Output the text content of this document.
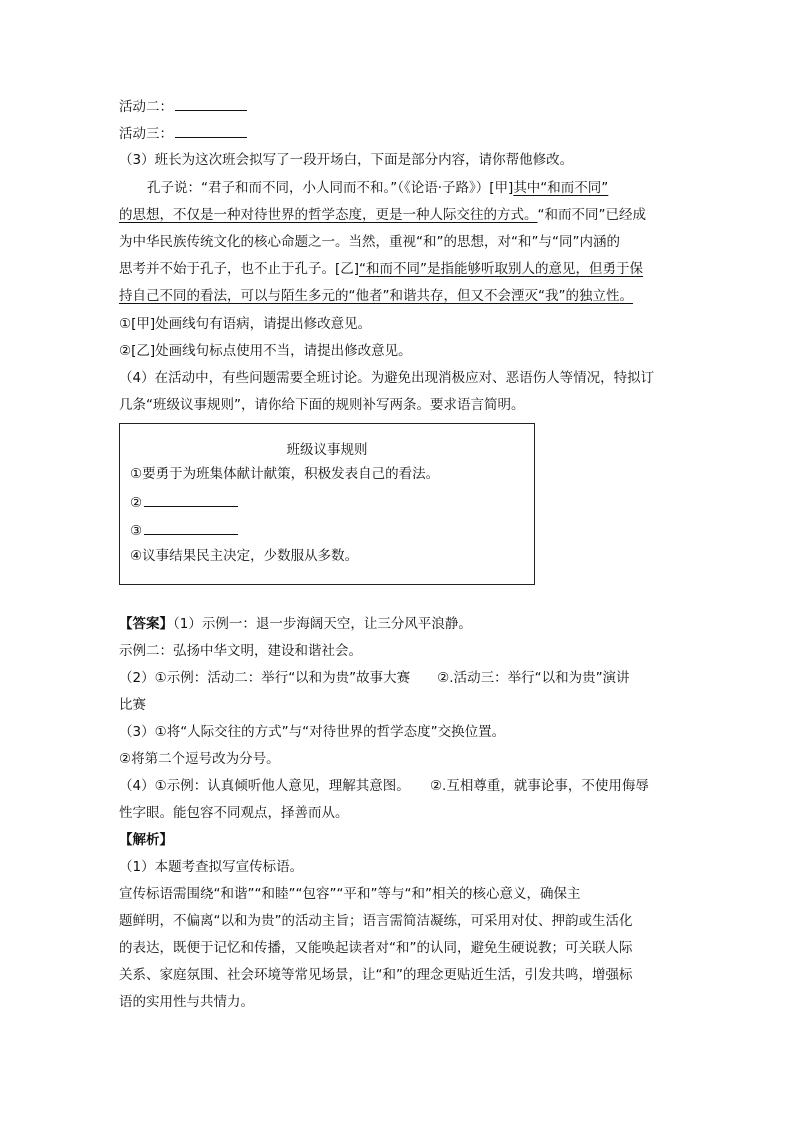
活动二：
活动三：
（3）班长为这次班会拟写了一段开场白，下面是部分内容，请你帮他修改。
孔子说：“君子和而不同，小人同而不和。”（《论语·子路》）[甲]其中“和而不同”
的思想，不仅是一种对待世界的哲学态度，更是一种人际交往的方式。“和而不同”已经成
为中华民族传统文化的核心命题之一。当然，重视“和”的思想，对“和”与“同”内涵的
思考并不始于孔子，也不止于孔子。[乙]“和而不同”是指能够听取别人的意见，但勇于保
持自己不同的看法，可以与陌生多元的“他者”和谐共存，但又不会湮灭“我”的独立性。
①[甲]处画线句有语病，请提出修改意见。
②[乙]处画线句标点使用不当，请提出修改意见。
（4）在活动中，有些问题需要全班讨论。为避免出现消极应对、恶语伤人等情况，特拟订
几条“班级议事规则”，请你给下面的规则补写两条。要求语言简明。
班级议事规则
①要勇于为班集体献计献策，积极发表自己的看法。
②
③
④议事结果民主决定，少数服从多数。
【答案】（1）示例一：退一步海阔天空，让三分风平浪静。
示例二：弘扬中华文明，建设和谐社会。
（2）①示例：活动二：举行“以和为贵”故事大赛　　②.活动三：举行“以和为贵”演讲
比赛
（3）①将“人际交往的方式”与“对待世界的哲学态度”交换位置。
②将第二个逗号改为分号。
（4）①示例：认真倾听他人意见，理解其意图。　　②.互相尊重，就事论事，不使用侮辱
性字眼。能包容不同观点，择善而从。
【解析】
（1）本题考查拟写宣传标语。
宣传标语需围绕“和谐”“和睦”“包容”“平和”等与“和”相关的核心意义，确保主
题鲜明，不偏离“以和为贵”的活动主旨；语言需简洁凝练，可采用对仗、押韵或生活化
的表达，既便于记忆和传播，又能唤起读者对“和”的认同，避免生硬说教；可关联人际
关系、家庭氛围、社会环境等常见场景，让“和”的理念更贴近生活，引发共鸣，增强标
语的实用性与共情力。
